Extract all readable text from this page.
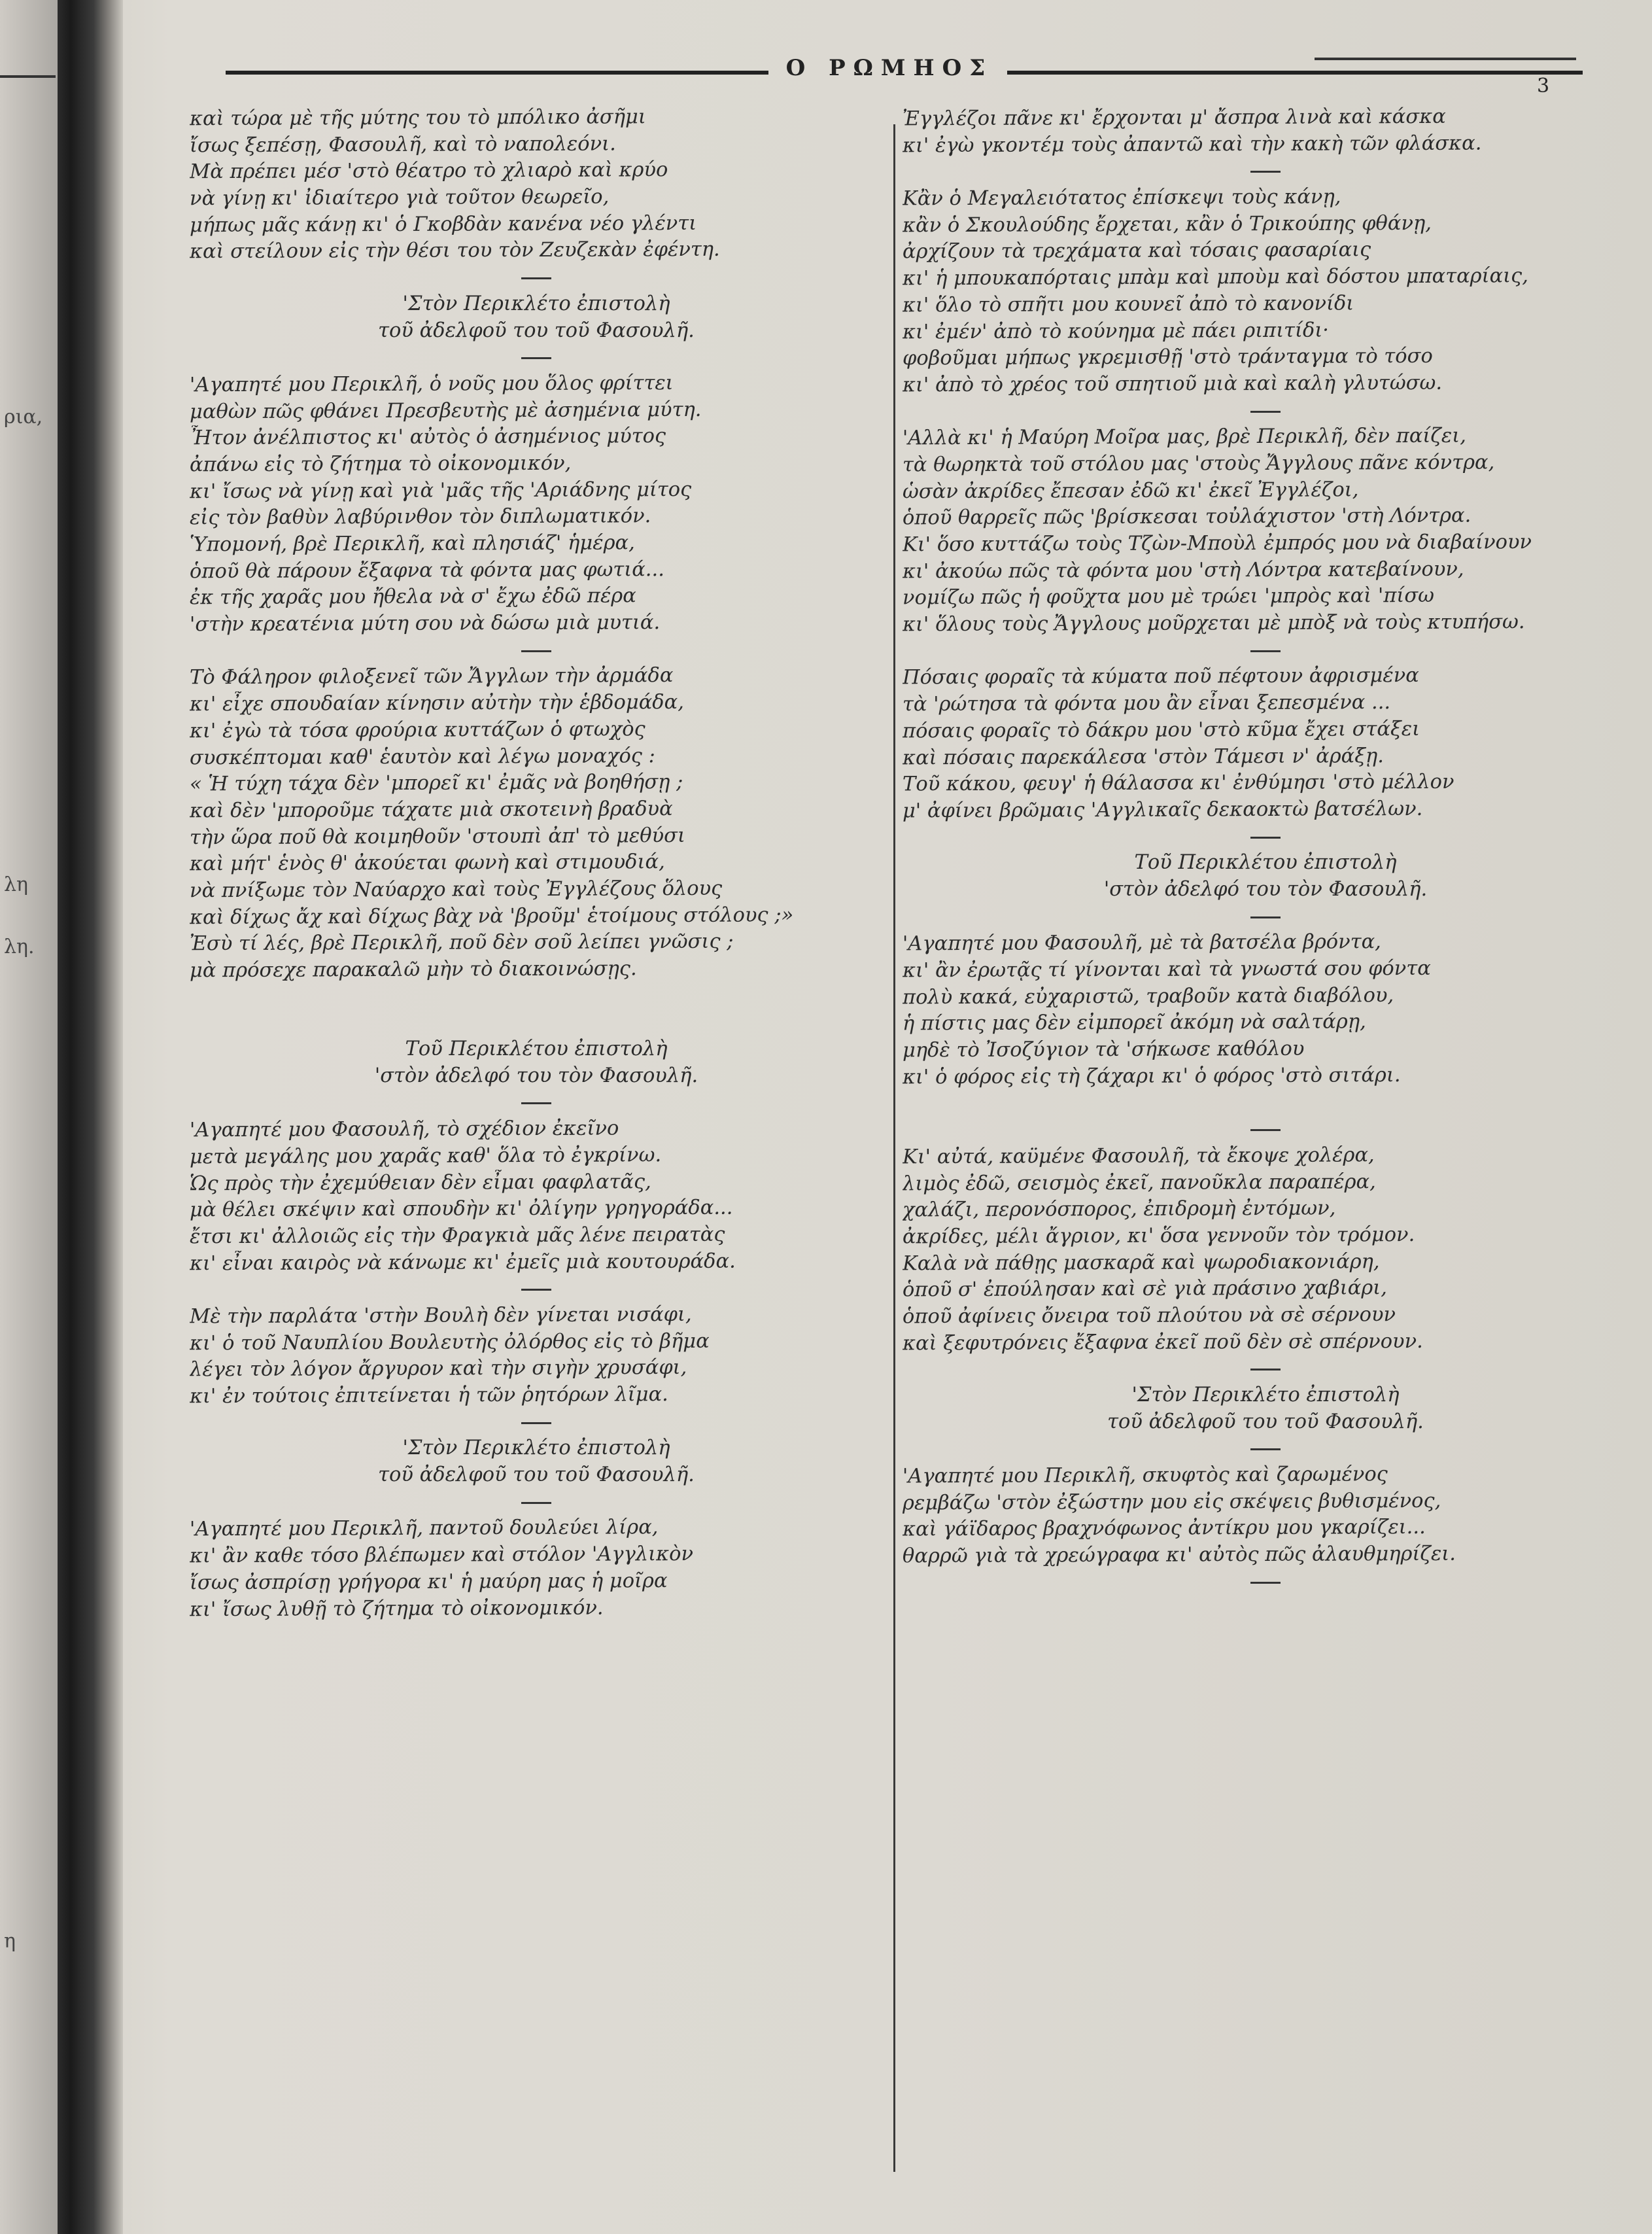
ρια,
λη
λη.
η
Ο ΡΩΜΗΟΣ
3
καὶ τώρα μὲ τῆς μύτης του τὸ μπόλικο ἀσῆμι
ἴσως ξεπέσῃ, Φασουλῆ, καὶ τὸ ναπολεόνι.
Μὰ πρέπει μέσ 'στὸ θέατρο τὸ χλιαρὸ καὶ κρύο
νὰ γίνῃ κι' ἰδιαίτερο γιὰ τοῦτον θεωρεῖο,
μήπως μᾶς κάνῃ κι' ὁ Γκοβδὰν κανένα νέο γλέντι
καὶ στείλουν εἰς τὴν θέσι του τὸν Ζευζεκὰν ἐφέντη.
'Στὸν Περικλέτο ἐπιστολὴ
τοῦ ἀδελφοῦ του τοῦ Φασουλῆ.
'Αγαπητέ μου Περικλῆ, ὁ νοῦς μου ὅλος φρίττει
μαθὼν πῶς φθάνει Πρεσβευτὴς μὲ ἀσημένια μύτη.
Ἦτον ἀνέλπιστος κι' αὐτὸς ὁ ἀσημένιος μύτος
ἀπάνω εἰς τὸ ζήτημα τὸ οἰκονομικόν,
κι' ἴσως νὰ γίνῃ καὶ γιὰ 'μᾶς τῆς 'Αριάδνης μίτος
εἰς τὸν βαθὺν λαβύρινθον τὸν διπλωματικόν.
Ὑπομονή, βρὲ Περικλῆ, καὶ πλησιάζ' ἡμέρα,
ὁποῦ θὰ πάρουν ἔξαφνα τὰ φόντα μας φωτιά...
ἐκ τῆς χαρᾶς μου ἤθελα νὰ σ' ἔχω ἐδῶ πέρα
'στὴν κρεατένια μύτη σου νὰ δώσω μιὰ μυτιά.
Τὸ Φάληρον φιλοξενεῖ τῶν Ἄγγλων τὴν ἀρμάδα
κι' εἶχε σπουδαίαν κίνησιν αὐτὴν τὴν ἑβδομάδα,
κι' ἐγὼ τὰ τόσα φρούρια κυττάζων ὁ φτωχὸς
συσκέπτομαι καθ' ἑαυτὸν καὶ λέγω μοναχός :
« Ἡ τύχη τάχα δὲν 'μπορεῖ κι' ἐμᾶς νὰ βοηθήσῃ ;
καὶ δὲν 'μποροῦμε τάχατε μιὰ σκοτεινὴ βραδυὰ
τὴν ὥρα ποῦ θὰ κοιμηθοῦν 'στουπὶ ἀπ' τὸ μεθύσι
καὶ μήτ' ἑνὸς θ' ἀκούεται φωνὴ καὶ στιμουδιά,
νὰ πνίξωμε τὸν Ναύαρχο καὶ τοὺς Ἐγγλέζους ὅλους
καὶ δίχως ἄχ καὶ δίχως βὰχ νὰ 'βροῦμ' ἑτοίμους στόλους ;»
Ἐσὺ τί λές, βρὲ Περικλῆ, ποῦ δὲν σοῦ λείπει γνῶσις ;
μὰ πρόσεχε παρακαλῶ μὴν τὸ διακοινώσῃς.
Τοῦ Περικλέτου ἐπιστολὴ
'στὸν ἀδελφό του τὸν Φασουλῆ.
'Αγαπητέ μου Φασουλῆ, τὸ σχέδιον ἐκεῖνο
μετὰ μεγάλης μου χαρᾶς καθ' ὅλα τὸ ἐγκρίνω.
Ὡς πρὸς τὴν ἐχεμύθειαν δὲν εἶμαι φαφλατᾶς,
μὰ θέλει σκέψιν καὶ σπουδὴν κι' ὀλίγην γρηγοράδα...
ἔτσι κι' ἀλλοιῶς εἰς τὴν Φραγκιὰ μᾶς λένε πειρατὰς
κι' εἶναι καιρὸς νὰ κάνωμε κι' ἐμεῖς μιὰ κουτουράδα.
Μὲ τὴν παρλάτα 'στὴν Βουλὴ δὲν γίνεται νισάφι,
κι' ὁ τοῦ Ναυπλίου Βουλευτὴς ὀλόρθος εἰς τὸ βῆμα
λέγει τὸν λόγον ἄργυρον καὶ τὴν σιγὴν χρυσάφι,
κι' ἐν τούτοις ἐπιτείνεται ἡ τῶν ῥητόρων λῖμα.
'Στὸν Περικλέτο ἐπιστολὴ
τοῦ ἀδελφοῦ του τοῦ Φασουλῆ.
'Αγαπητέ μου Περικλῆ, παντοῦ δουλεύει λίρα,
κι' ἂν καθε τόσο βλέπωμεν καὶ στόλον 'Αγγλικὸν
ἴσως ἀσπρίσῃ γρήγορα κι' ἡ μαύρη μας ἡ μοῖρα
κι' ἴσως λυθῇ τὸ ζήτημα τὸ οἰκονομικόν.
Ἐγγλέζοι πᾶνε κι' ἔρχονται μ' ἄσπρα λινὰ καὶ κάσκα
κι' ἐγὼ γκοντέμ τοὺς ἀπαντῶ καὶ τὴν κακὴ τῶν φλάσκα.
Κἂν ὁ Μεγαλειότατος ἐπίσκεψι τοὺς κάνῃ,
κἂν ὁ Σκουλούδης ἔρχεται, κἂν ὁ Τρικούπης φθάνῃ,
ἀρχίζουν τὰ τρεχάματα καὶ τόσαις φασαρίαις
κι' ἡ μπουκαπόρταις μπὰμ καὶ μποὺμ καὶ δόστου μπαταρίαις,
κι' ὅλο τὸ σπῆτι μου κουνεῖ ἀπὸ τὸ κανονίδι
κι' ἐμέν' ἀπὸ τὸ κούνημα μὲ πάει ριπιτίδι·
φοβοῦμαι μήπως γκρεμισθῇ 'στὸ τράνταγμα τὸ τόσο
κι' ἀπὸ τὸ χρέος τοῦ σπητιοῦ μιὰ καὶ καλὴ γλυτώσω.
'Αλλὰ κι' ἡ Μαύρη Μοῖρα μας, βρὲ Περικλῆ, δὲν παίζει,
τὰ θωρηκτὰ τοῦ στόλου μας 'στοὺς Ἄγγλους πᾶνε κόντρα,
ὡσὰν ἀκρίδες ἔπεσαν ἐδῶ κι' ἐκεῖ Ἐγγλέζοι,
ὁποῦ θαρρεῖς πῶς 'βρίσκεσαι τοὐλάχιστον 'στὴ Λόντρα.
Κι' ὅσο κυττάζω τοὺς Τζὼν-Μποὺλ ἐμπρός μου νὰ διαβαίνουν
κι' ἀκούω πῶς τὰ φόντα μου 'στὴ Λόντρα κατεβαίνουν,
νομίζω πῶς ἡ φοῦχτα μου μὲ τρώει 'μπρὸς καὶ 'πίσω
κι' ὅλους τοὺς Ἄγγλους μοῦρχεται μὲ μπὸξ νὰ τοὺς κτυπήσω.
Πόσαις φοραῖς τὰ κύματα ποῦ πέφτουν ἀφρισμένα
τὰ 'ρώτησα τὰ φόντα μου ἂν εἶναι ξεπεσμένα ...
πόσαις φοραῖς τὸ δάκρυ μου 'στὸ κῦμα ἔχει στάξει
καὶ πόσαις παρεκάλεσα 'στὸν Τάμεσι ν' ἀράξῃ.
Τοῦ κάκου, φευγ' ἡ θάλασσα κι' ἐνθύμησι 'στὸ μέλλον
μ' ἀφίνει βρῶμαις 'Αγγλικαῖς δεκαοκτὼ βατσέλων.
Τοῦ Περικλέτου ἐπιστολὴ
'στὸν ἀδελφό του τὸν Φασουλῆ.
'Αγαπητέ μου Φασουλῆ, μὲ τὰ βατσέλα βρόντα,
κι' ἂν ἐρωτᾷς τί γίνονται καὶ τὰ γνωστά σου φόντα
πολὺ κακά, εὐχαριστῶ, τραβοῦν κατὰ διαβόλου,
ἡ πίστις μας δὲν εἰμπορεῖ ἀκόμη νὰ σαλτάρῃ,
μηδὲ τὸ Ἰσοζύγιον τὰ 'σήκωσε καθόλου
κι' ὁ φόρος εἰς τὴ ζάχαρι κι' ὁ φόρος 'στὸ σιτάρι.
Κι' αὐτά, καϋμένε Φασουλῆ, τὰ ἔκοψε χολέρα,
λιμὸς ἐδῶ, σεισμὸς ἐκεῖ, πανοῦκλα παραπέρα,
χαλάζι, περονόσπορος, ἐπιδρομὴ ἐντόμων,
ἀκρίδες, μέλι ἄγριον, κι' ὅσα γεννοῦν τὸν τρόμον.
Καλὰ νὰ πάθῃς μασκαρᾶ καὶ ψωροδιακονιάρη,
ὁποῦ σ' ἐπούλησαν καὶ σὲ γιὰ πράσινο χαβιάρι,
ὁποῦ ἀφίνεις ὄνειρα τοῦ πλούτου νὰ σὲ σέρνουν
καὶ ξεφυτρόνεις ἔξαφνα ἐκεῖ ποῦ δὲν σὲ σπέρνουν.
'Στὸν Περικλέτο ἐπιστολὴ
τοῦ ἀδελφοῦ του τοῦ Φασουλῆ.
'Αγαπητέ μου Περικλῆ, σκυφτὸς καὶ ζαρωμένος
ρεμβάζω 'στὸν ἐξώστην μου εἰς σκέψεις βυθισμένος,
καὶ γάϊδαρος βραχνόφωνος ἀντίκρυ μου γκαρίζει...
θαρρῶ γιὰ τὰ χρεώγραφα κι' αὐτὸς πῶς ἀλαυθμηρίζει.
